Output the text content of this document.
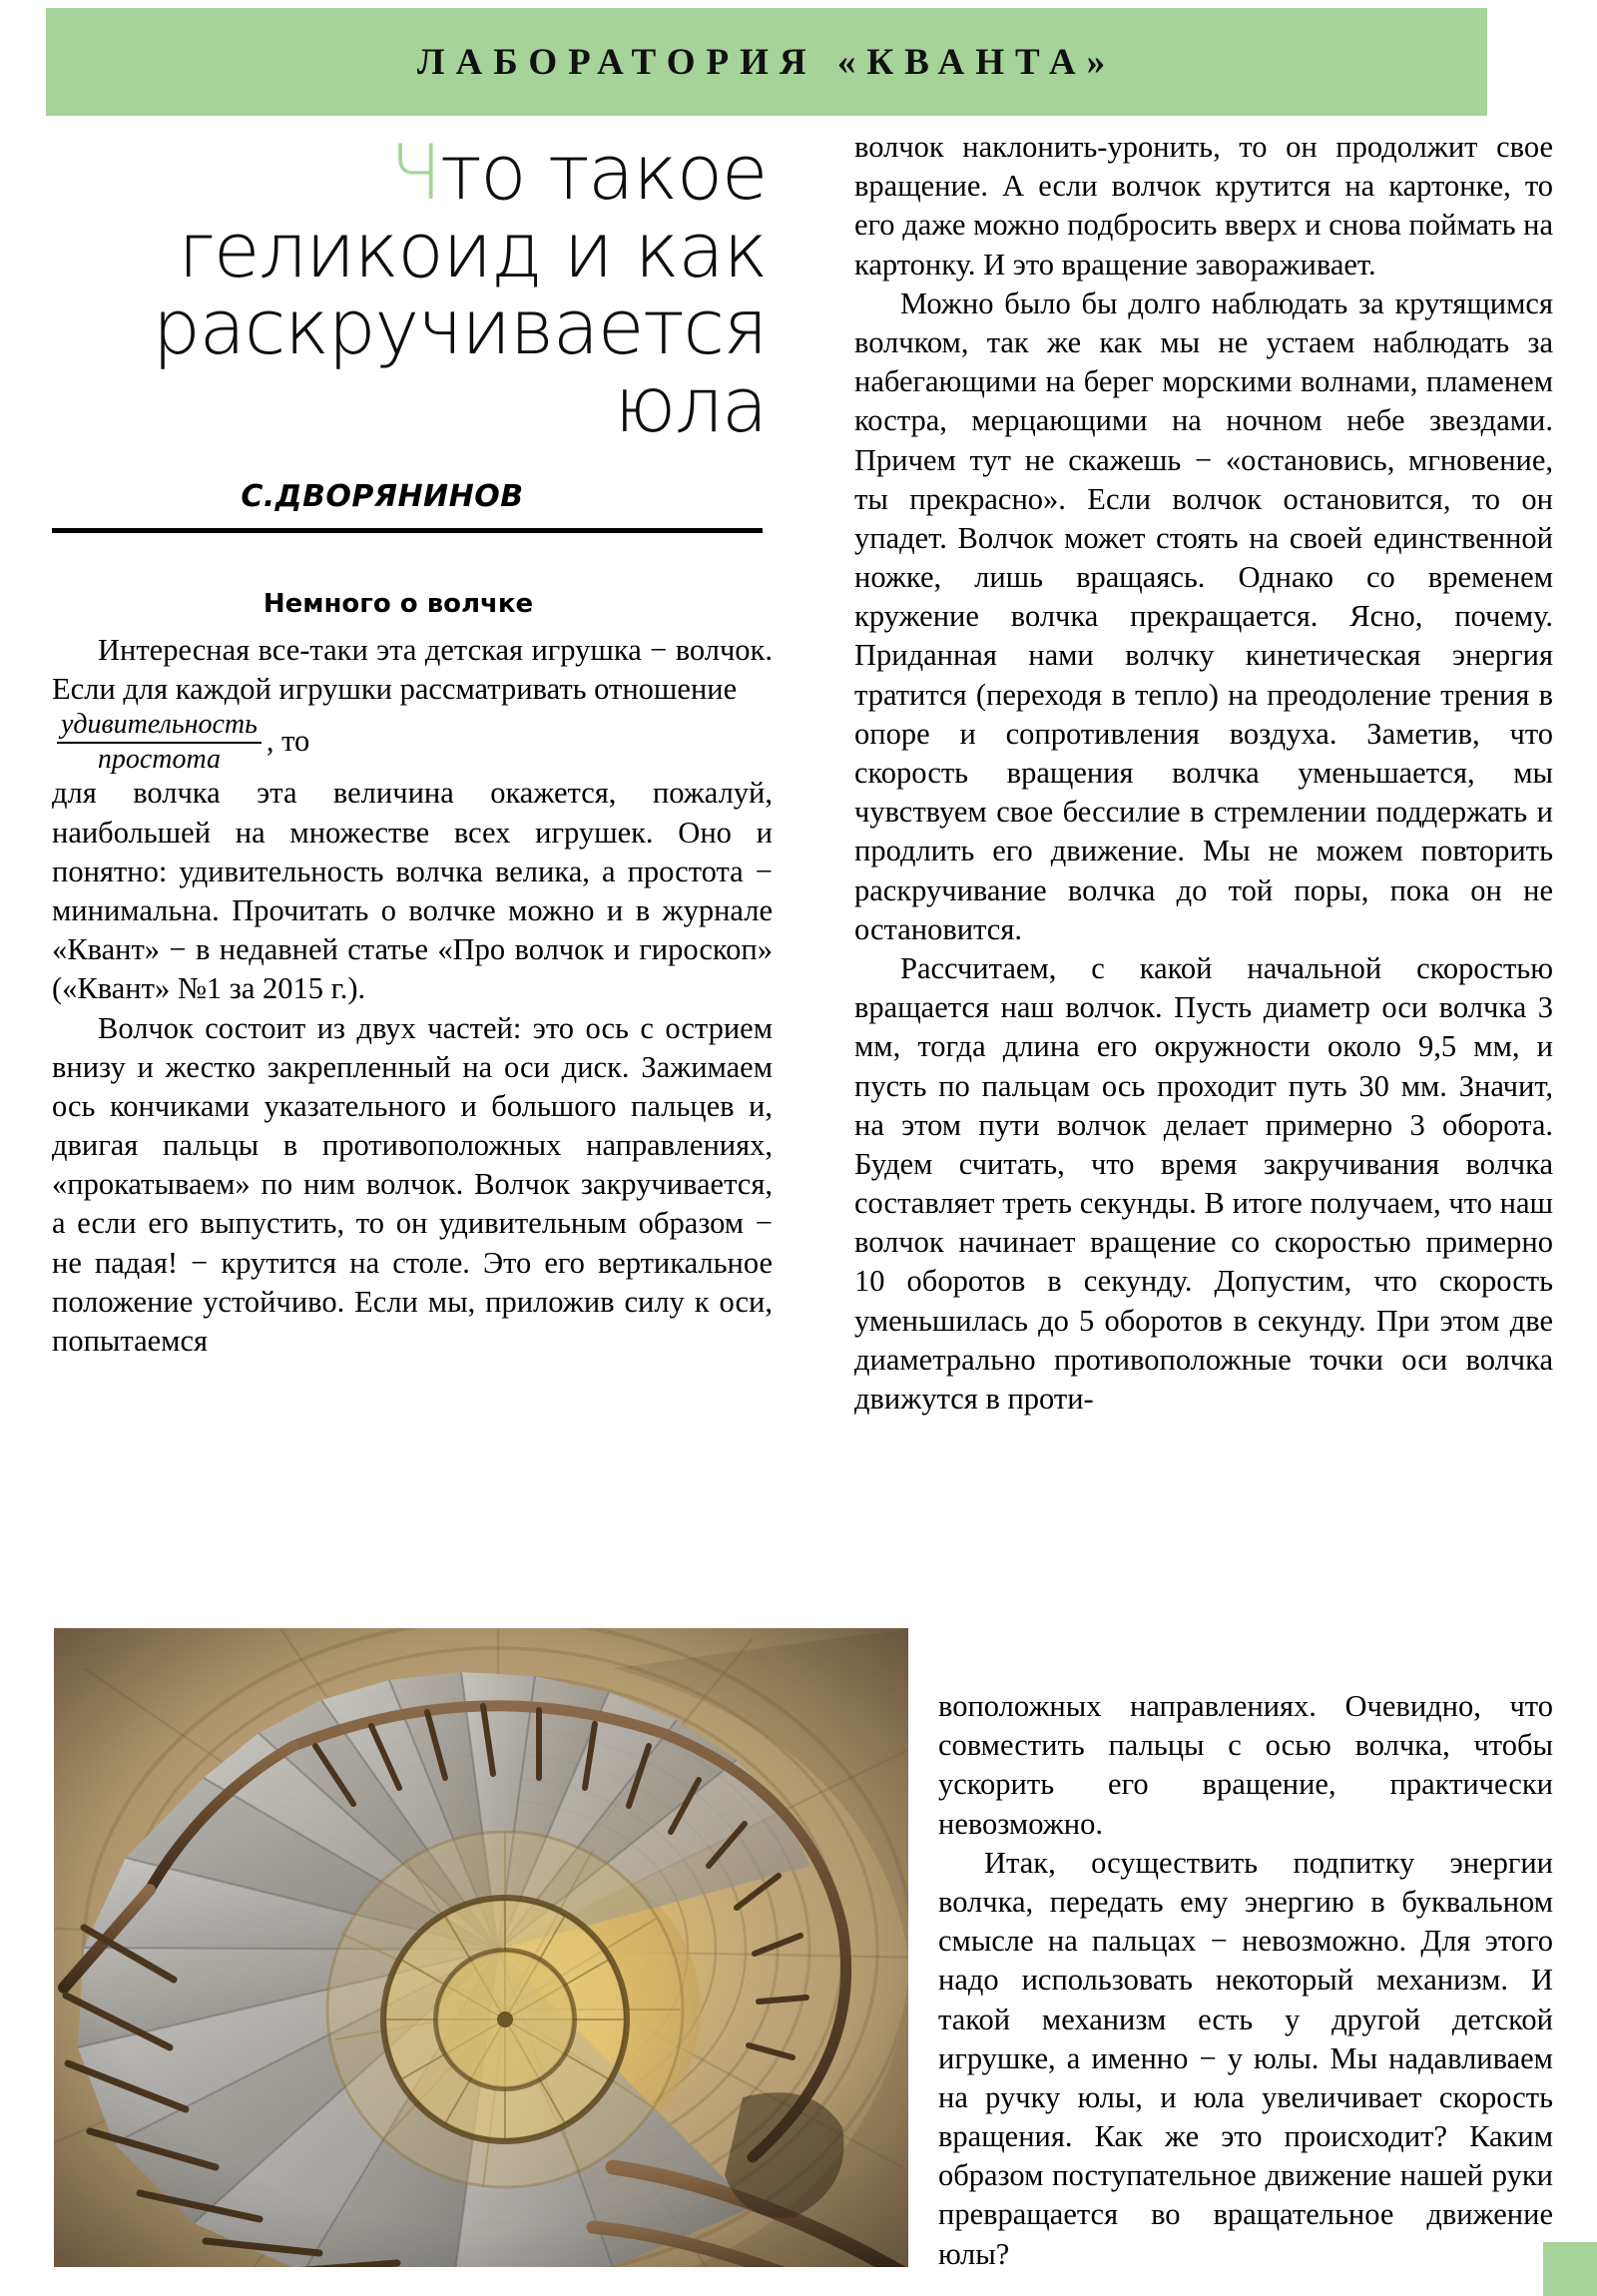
ЛАБОРАТОРИЯ «КВАНТА»
Что такое геликоид и как раскручивается юла
С.ДВОРЯНИНОВ
Немного о волчке

Интересная все-таки эта детская игрушка − волчок. Если для каждой игрушки рассматривать отношение

$\frac{\text{удивительность}}{\text{простота}}$ , то

для волчка эта величина окажется, пожалуй, наибольшей на множестве всех игрушек. Оно и понятно: удивительность волчка велика, а простота − минимальна. Прочитать о волчке можно и в журнале «Квант» − в недавней статье «Про волчок и гироскоп» («Квант» №1 за 2015 г.).

Волчок состоит из двух частей: это ось с острием внизу и жестко закрепленный на оси диск. Зажимаем ось кончиками указательного и большого пальцев и, двигая пальцы в противоположных направлениях, «прокатываем» по ним волчок. Волчок закручивается, а если его выпустить, то он удивительным образом − не падая! − крутится на столе. Это его вертикальное положение устойчиво. Если мы, приложив силу к оси, попытаемся

волчок наклонить-уронить, то он продолжит свое вращение. А если волчок крутится на картонке, то его даже можно подбросить вверх и снова поймать на картонку. И это вращение завораживает.

Можно было бы долго наблюдать за крутящимся волчком, так же как мы не устаем наблюдать за набегающими на берег морскими волнами, пламенем костра, мерцающими на ночном небе звездами. Причем тут не скажешь − «остановись, мгновение, ты прекрасно». Если волчок остановится, то он упадет. Волчок может стоять на своей единственной ножке, лишь вращаясь. Однако со временем кружение волчка прекращается. Ясно, почему. Приданная нами волчку кинетическая энергия тратится (переходя в тепло) на преодоление трения в опоре и сопротивления воздуха. Заметив, что скорость вращения волчка уменьшается, мы чувствуем свое бессилие в стремлении поддержать и продлить его движение. Мы не можем повторить раскручивание волчка до той поры, пока он не остановится.

Рассчитаем, с какой начальной скоростью вращается наш волчок. Пусть диаметр оси волчка 3 мм, тогда длина его окружности около 9,5 мм, и пусть по пальцам ось проходит путь 30 мм. Значит, на этом пути волчок делает примерно 3 оборота. Будем считать, что время закручивания волчка составляет треть секунды. В итоге получаем, что наш волчок начинает вращение со скоростью примерно 10 оборотов в секунду. Допустим, что скорость уменьшилась до 5 оборотов в секунду. При этом две диаметрально противоположные точки оси волчка движутся в проти-

воположных направлениях. Очевидно, что совместить пальцы с осью волчка, чтобы ускорить его вращение, практически невозможно.

Итак, осуществить подпитку энергии волчка, передать ему энергию в буквальном смысле на пальцах − невозможно. Для этого надо использовать некоторый механизм. И такой механизм есть у другой детской игрушке, а именно − у юлы. Мы надавливаем на ручку юлы, и юла увеличивает скорость вращения. Как же это происходит? Каким образом поступательное движение нашей руки превращается во вращательное движение юлы?
